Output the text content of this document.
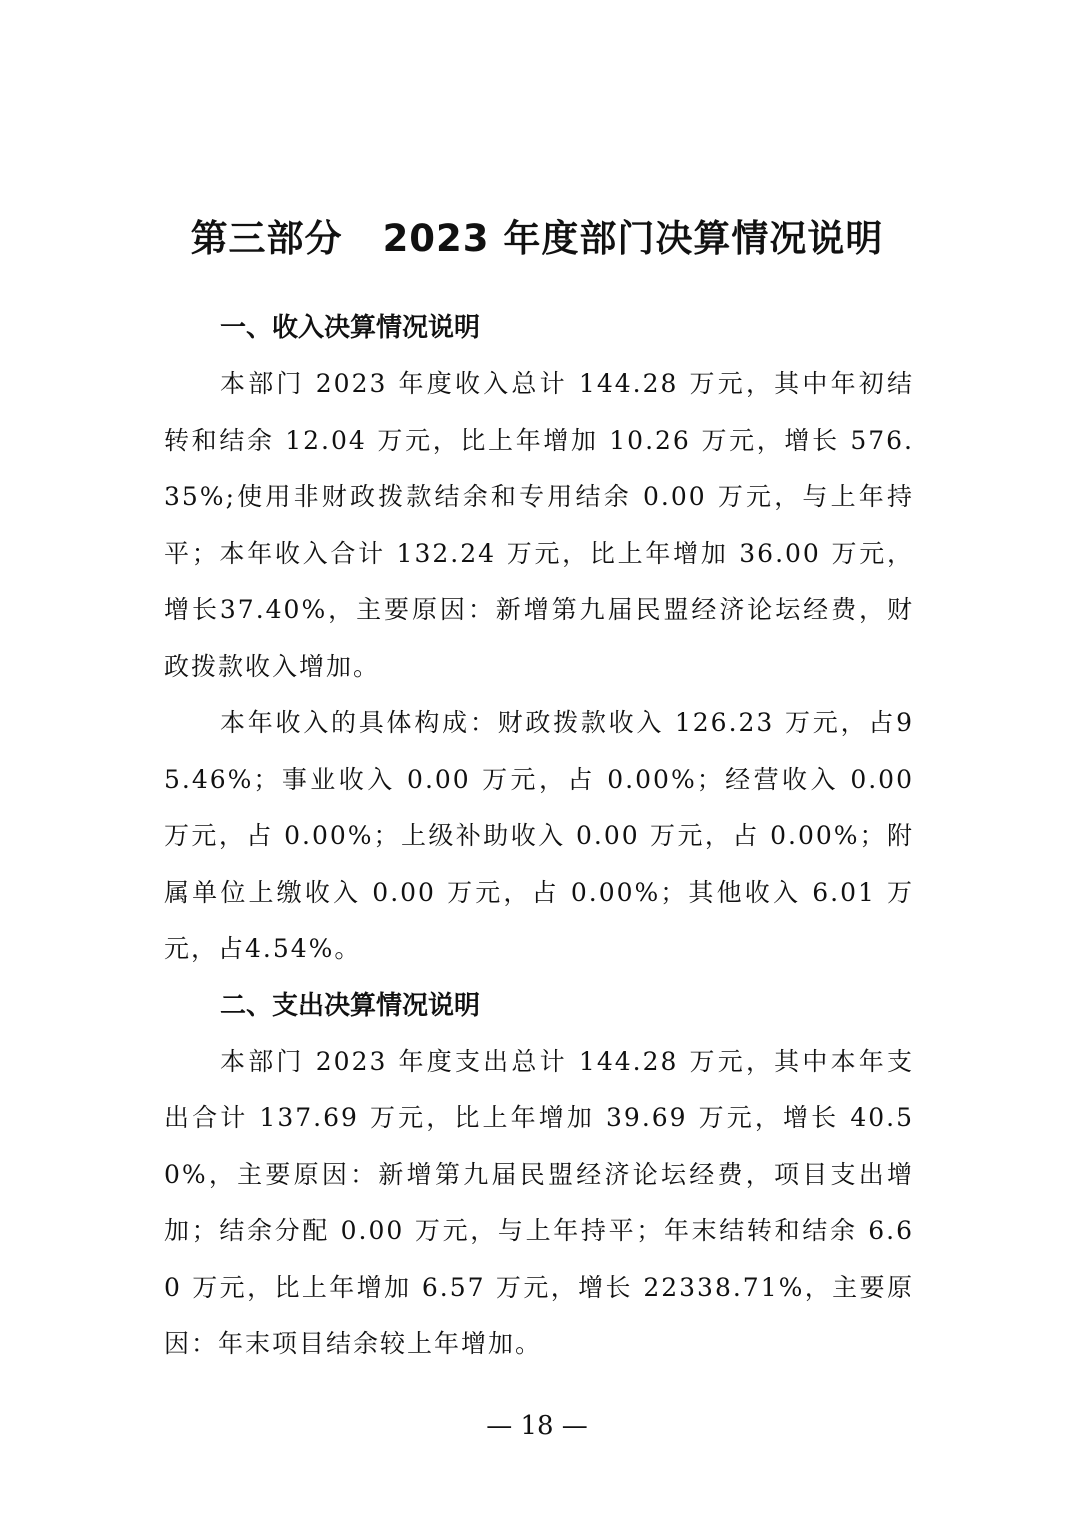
第三部分 2023 年度部门决算情况说明
一、收入决算情况说明

本部门 2023 年度收入总计 144.28 万元，其中年初结转和结余 12.04 万元，比上年增加 10.26 万元，增长 576.35%;使用非财政拨款结余和专用结余 0.00 万元，与上年持平；本年收入合计 132.24 万元，比上年增加 36.00 万元，增长37.40%，主要原因：新增第九届民盟经济论坛经费，财政拨款收入增加。

本年收入的具体构成：财政拨款收入 126.23 万元，占95.46%；事业收入 0.00 万元，占 0.00%；经营收入 0.00 万元，占 0.00%；上级补助收入 0.00 万元，占 0.00%；附属单位上缴收入 0.00 万元，占 0.00%；其他收入 6.01 万元，占4.54%。

二、支出决算情况说明

本部门 2023 年度支出总计 144.28 万元，其中本年支出合计 137.69 万元，比上年增加 39.69 万元，增长 40.50%，主要原因：新增第九届民盟经济论坛经费，项目支出增加；结余分配 0.00 万元，与上年持平；年末结转和结余 6.60 万元，比上年增加 6.57 万元，增长 22338.71%，主要原因：年末项目结余较上年增加。

— 18 —
